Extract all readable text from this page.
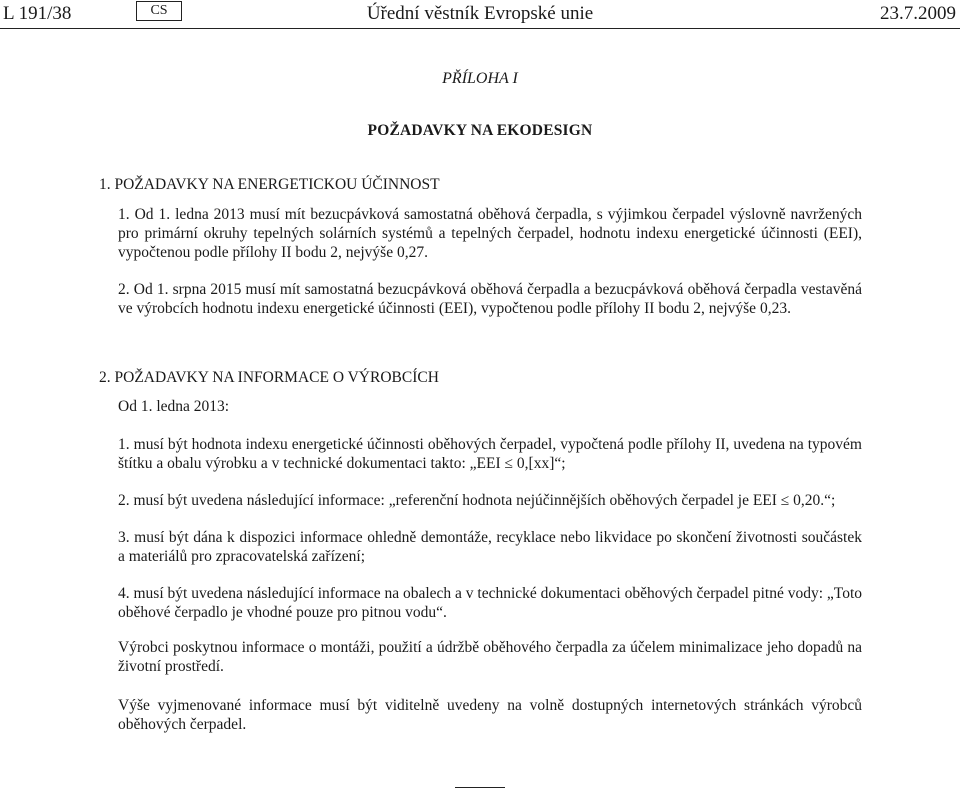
L 191/38	Úřední věstník Evropské unie
CS	23.7.2009

PŘÍLOHA I

POŽADAVKY NA EKODESIGN

1. POŽADAVKY NA ENERGETICKOU ÚČINNOST

1. Od 1. ledna 2013 musí mít bezucpávková samostatná oběhová čerpadla, s výjimkou čerpadel výslovně navržených pro primární okruhy tepelných solárních systémů a tepelných čerpadel, hodnotu indexu energetické účinnosti (EEI), vypočtenou podle přílohy II bodu 2, nejvýše 0,27.

2. Od 1. srpna 2015 musí mít samostatná bezucpávková oběhová čerpadla a bezucpávková oběhová čerpadla vestavěná ve výrobcích hodnotu indexu energetické účinnosti (EEI), vypočtenou podle přílohy II bodu 2, nejvýše 0,23.

2. POŽADAVKY NA INFORMACE O VÝROBCÍCH

Od 1. ledna 2013:

1. musí být hodnota indexu energetické účinnosti oběhových čerpadel, vypočtená podle přílohy II, uvedena na typovém štítku a obalu výrobku a v technické dokumentaci takto: „EEI ≤ 0,[xx]“;

2. musí být uvedena následující informace: „referenční hodnota nejúčinnějších oběhových čerpadel je EEI ≤ 0,20.“;

3. musí být dána k dispozici informace ohledně demontáže, recyklace nebo likvidace po skončení životnosti součástek a materiálů pro zpracovatelská zařízení;

4. musí být uvedena následující informace na obalech a v technické dokumentaci oběhových čerpadel pitné vody: „Toto oběhové čerpadlo je vhodné pouze pro pitnou vodu“.

Výrobci poskytnou informace o montáži, použití a údržbě oběhového čerpadla za účelem minimalizace jeho dopadů na životní prostředí.

Výše vyjmenované informace musí být viditelně uvedeny na volně dostupných internetových stránkách výrobců oběhových čerpadel.
